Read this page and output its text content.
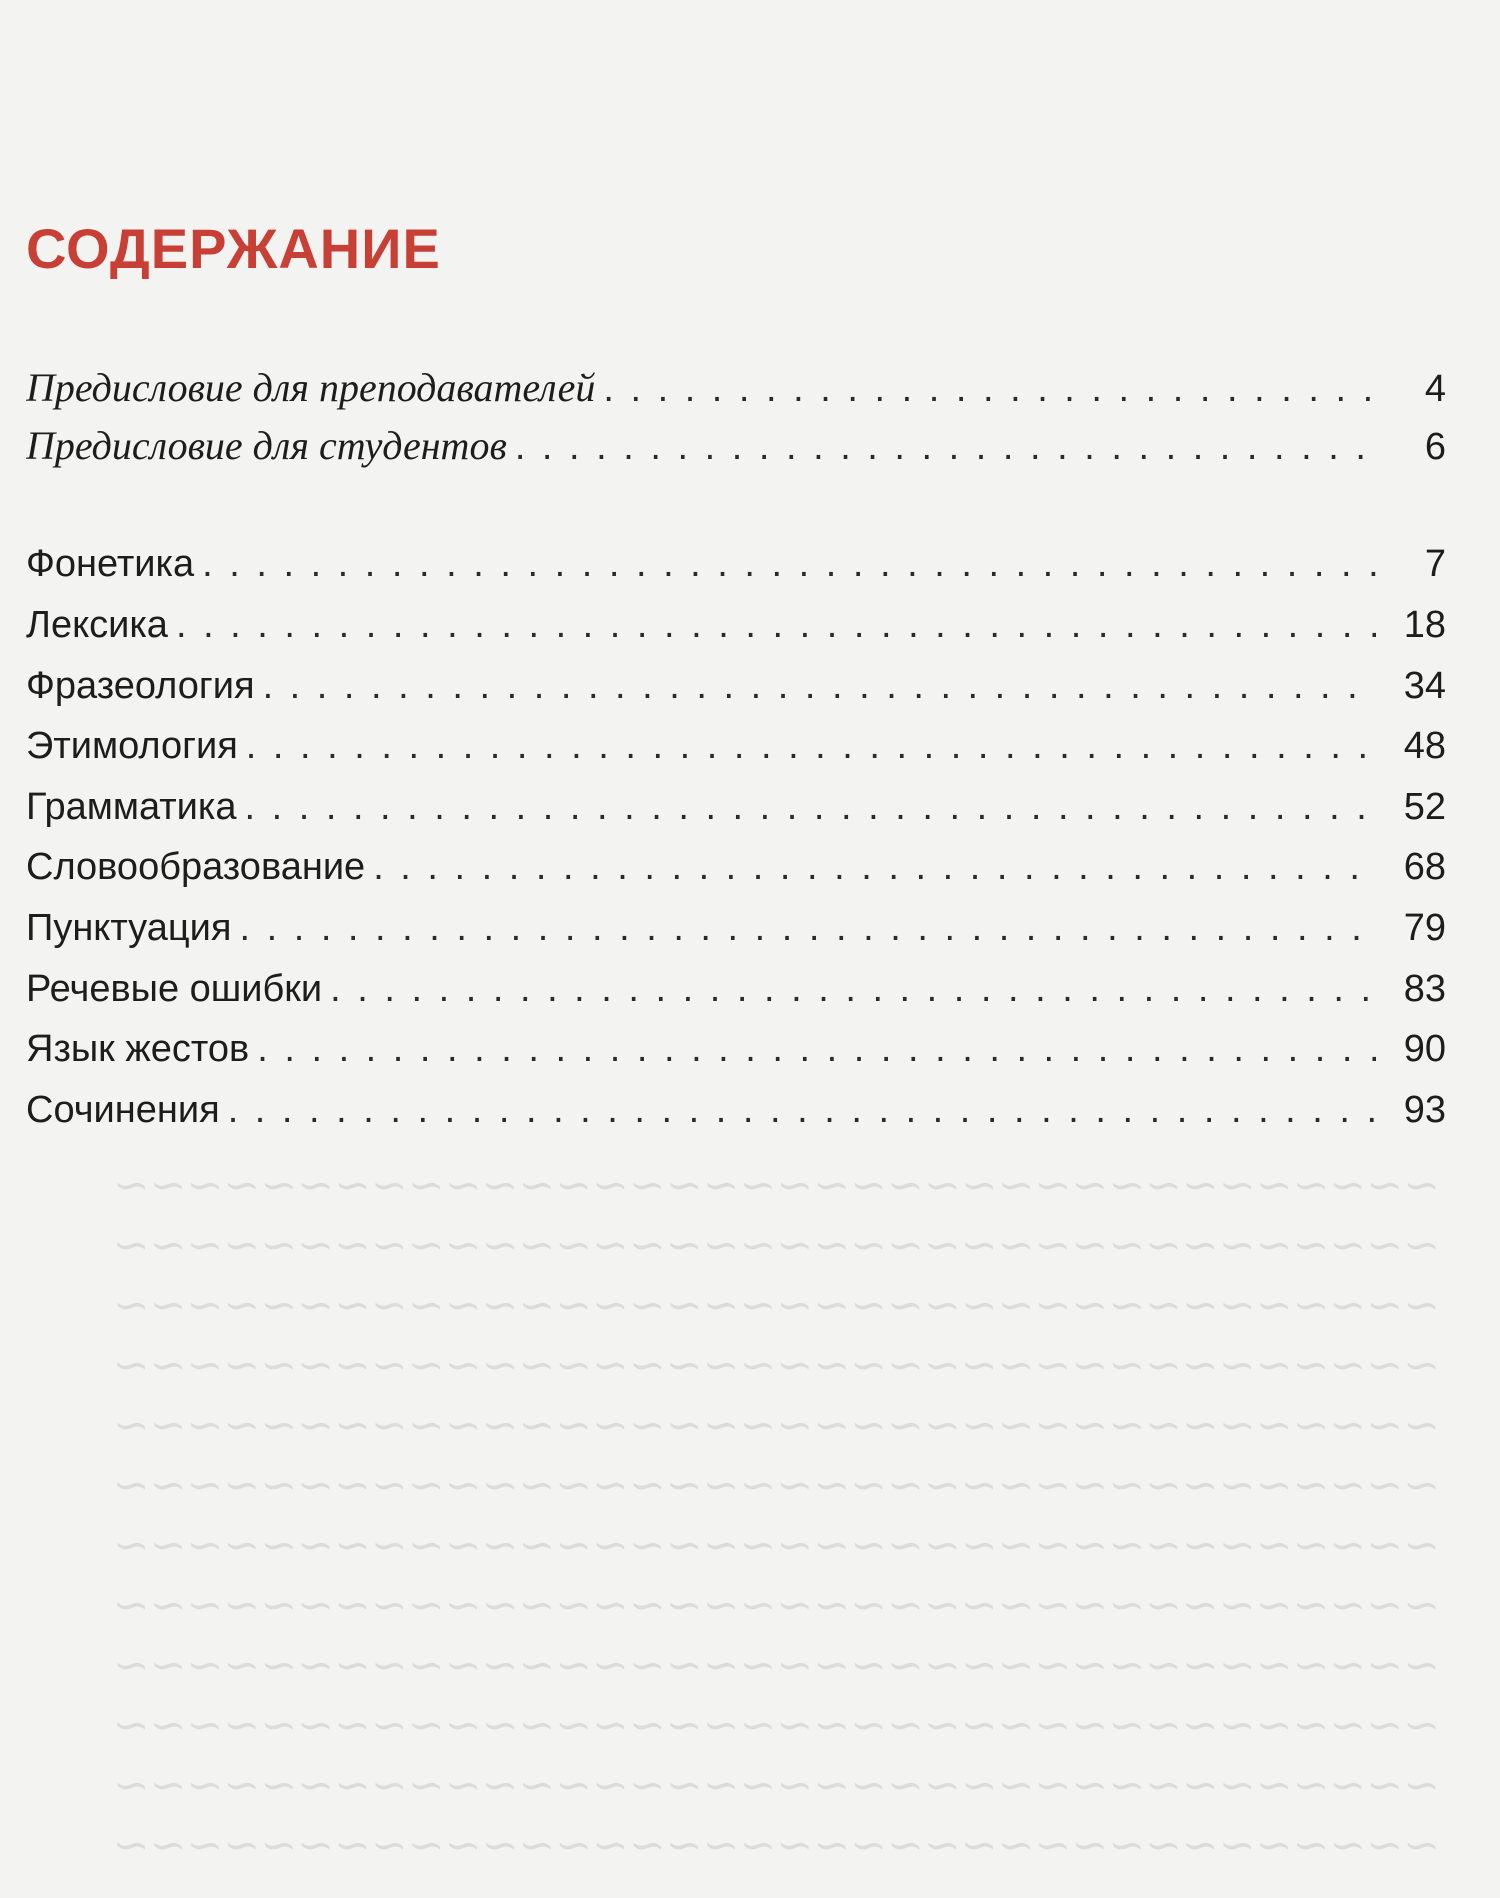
~~~~~~~~~~~~~~~~~~~~~~~~~~~~~~~~~~~~
~~~~~~~~~~~~~~~~~~~~~~~~~~~~~~~~~~~~
~~~~~~~~~~~~~~~~~~~~~~~~~~~~~~~~~~~~
~~~~~~~~~~~~~~~~~~~~~~~~~~~~~~~~~~~~
~~~~~~~~~~~~~~~~~~~~~~~~~~~~~~~~~~~~
~~~~~~~~~~~~~~~~~~~~~~~~~~~~~~~~~~~~
~~~~~~~~~~~~~~~~~~~~~~~~~~~~~~~~~~~~
~~~~~~~~~~~~~~~~~~~~~~~~~~~~~~~~~~~~
~~~~~~~~~~~~~~~~~~~~~~~~~~~~~~~~~~~~
~~~~~~~~~~~~~~~~~~~~~~~~~~~~~~~~~~~~
~~~~~~~~~~~~~~~~~~~~~~~~~~~~~~~~~~~~
~~~~~~~~~~~~~~~~~~~~~~~~~~~~~~~~~~~~
СОДЕРЖАНИЕ
Предисловие для преподавателей . . .	4
Предисловие для студентов . . .	6
Фонетика . . .	7
Лексика . . .	18
Фразеология . . .	34
Этимология . . .	48
Грамматика . . .	52
Словообразование . . .	68
Пунктуация . . .	79
Речевые ошибки . . .	83
Язык жестов . . .	90
Сочинения . . .	93
